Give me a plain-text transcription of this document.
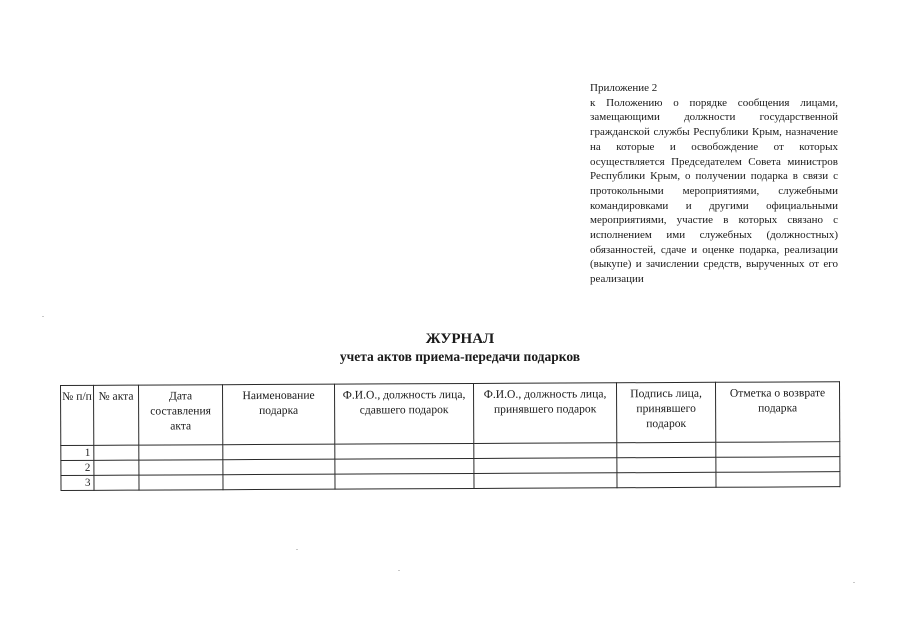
Приложение 2
к Положению о порядке сообщения лицами, замещающими должности государственной гражданской службы Республики Крым, назначение на которые и освобождение от которых осуществляется Председателем Совета министров Республики Крым, о получении подарка в связи с протокольными мероприятиями, служебными командировками и другими официальными мероприятиями, участие в которых связано с исполнением ими служебных (должностных) обязанностей, сдаче и оценке подарка, реализации (выкупе) и зачислении средств, вырученных от его реализации
ЖУРНАЛ
учета актов приема-передачи подарков
№ п/п	№ акта	Дата составления акта	Наименование подарка	Ф.И.О., должность лица, сдавшего подарок	Ф.И.О., должность лица, принявшего подарок	Подпись лица, принявшего подарок	Отметка о возврате подарка
1							
2							
3							
